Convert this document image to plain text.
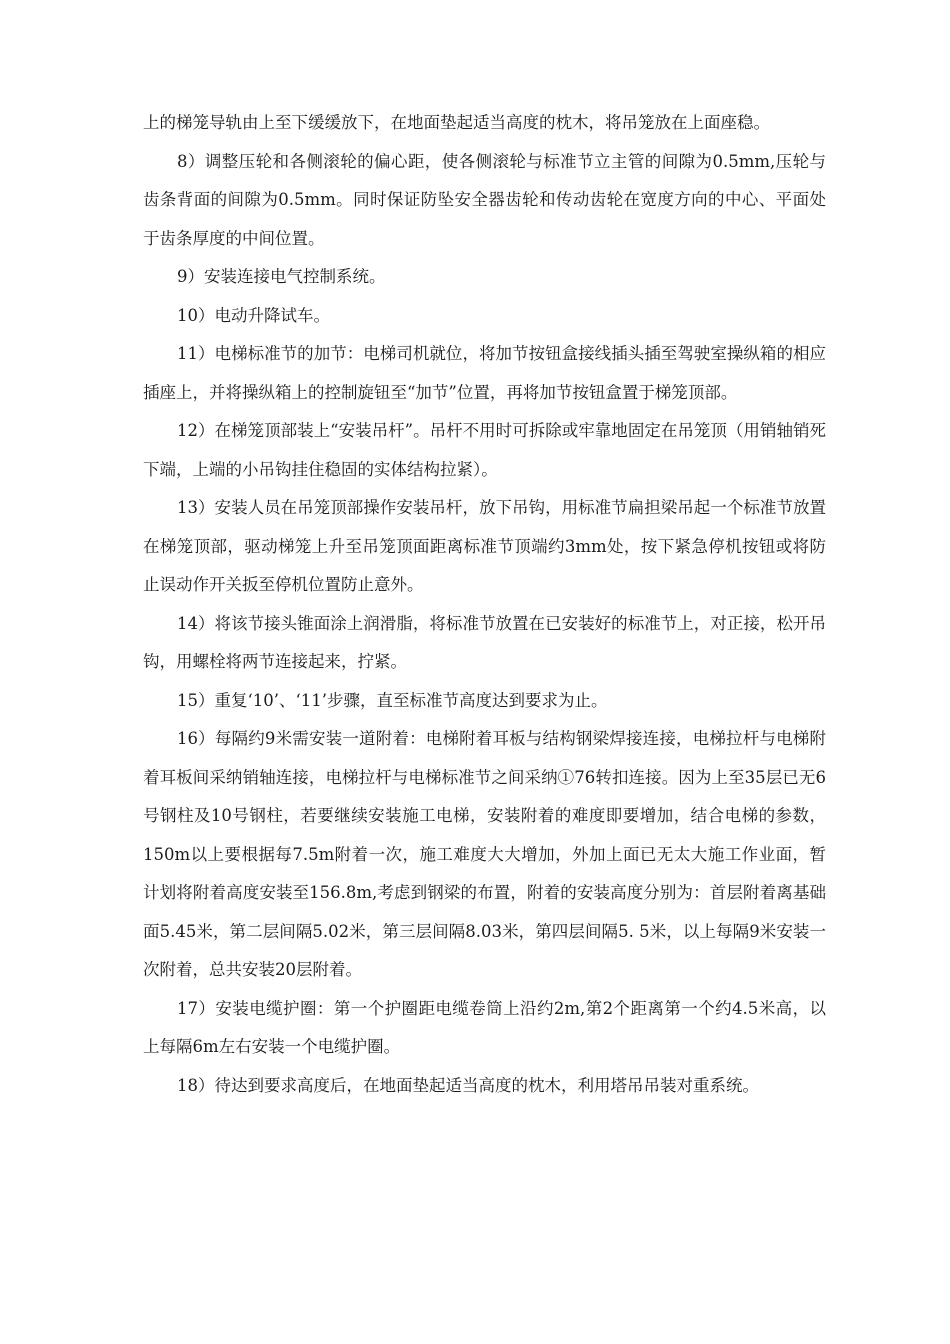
上的梯笼导轨由上至下缓缓放下，在地面垫起适当高度的枕木，将吊笼放在上面座稳。

8）调整压轮和各侧滚轮的偏心距，使各侧滚轮与标准节立主管的间隙为0.5mm,压轮与齿条背面的间隙为0.5mm。同时保证防坠安全器齿轮和传动齿轮在宽度方向的中心、平面处于齿条厚度的中间位置。

9）安装连接电气控制系统。

10）电动升降试车。

11）电梯标准节的加节：电梯司机就位，将加节按钮盒接线插头插至驾驶室操纵箱的相应插座上，并将操纵箱上的控制旋钮至“加节”位置，再将加节按钮盒置于梯笼顶部。

12）在梯笼顶部装上“安装吊杆”。吊杆不用时可拆除或牢靠地固定在吊笼顶（用销轴销死下端，上端的小吊钩挂住稳固的实体结构拉紧）。

13）安装人员在吊笼顶部操作安装吊杆，放下吊钩，用标准节扁担梁吊起一个标准节放置在梯笼顶部，驱动梯笼上升至吊笼顶面距离标准节顶端约3mm处，按下紧急停机按钮或将防止误动作开关扳至停机位置防止意外。

14）将该节接头锥面涂上润滑脂，将标准节放置在已安装好的标准节上，对正接，松开吊钩，用螺栓将两节连接起来，拧紧。

15）重复‘10’、‘11’步骤，直至标准节高度达到要求为止。

16）每隔约9米需安装一道附着：电梯附着耳板与结构钢梁焊接连接，电梯拉杆与电梯附着耳板间采纳销轴连接，电梯拉杆与电梯标准节之间采纳①76转扣连接。因为上至35层已无6号钢柱及10号钢柱，若要继续安装施工电梯，安装附着的难度即要增加，结合电梯的参数，150m以上要根据每7.5m附着一次，施工难度大大增加，外加上面已无太大施工作业面，暂计划将附着高度安装至156.8m,考虑到钢梁的布置，附着的安装高度分别为：首层附着离基础面5.45米，第二层间隔5.02米，第三层间隔8.03米，第四层间隔5. 5米，以上每隔9米安装一次附着，总共安装20层附着。

17）安装电缆护圈：第一个护圈距电缆卷筒上沿约2m,第2个距离第一个约4.5米高，以上每隔6m左右安装一个电缆护圈。

18）待达到要求高度后，在地面垫起适当高度的枕木，利用塔吊吊装对重系统。
